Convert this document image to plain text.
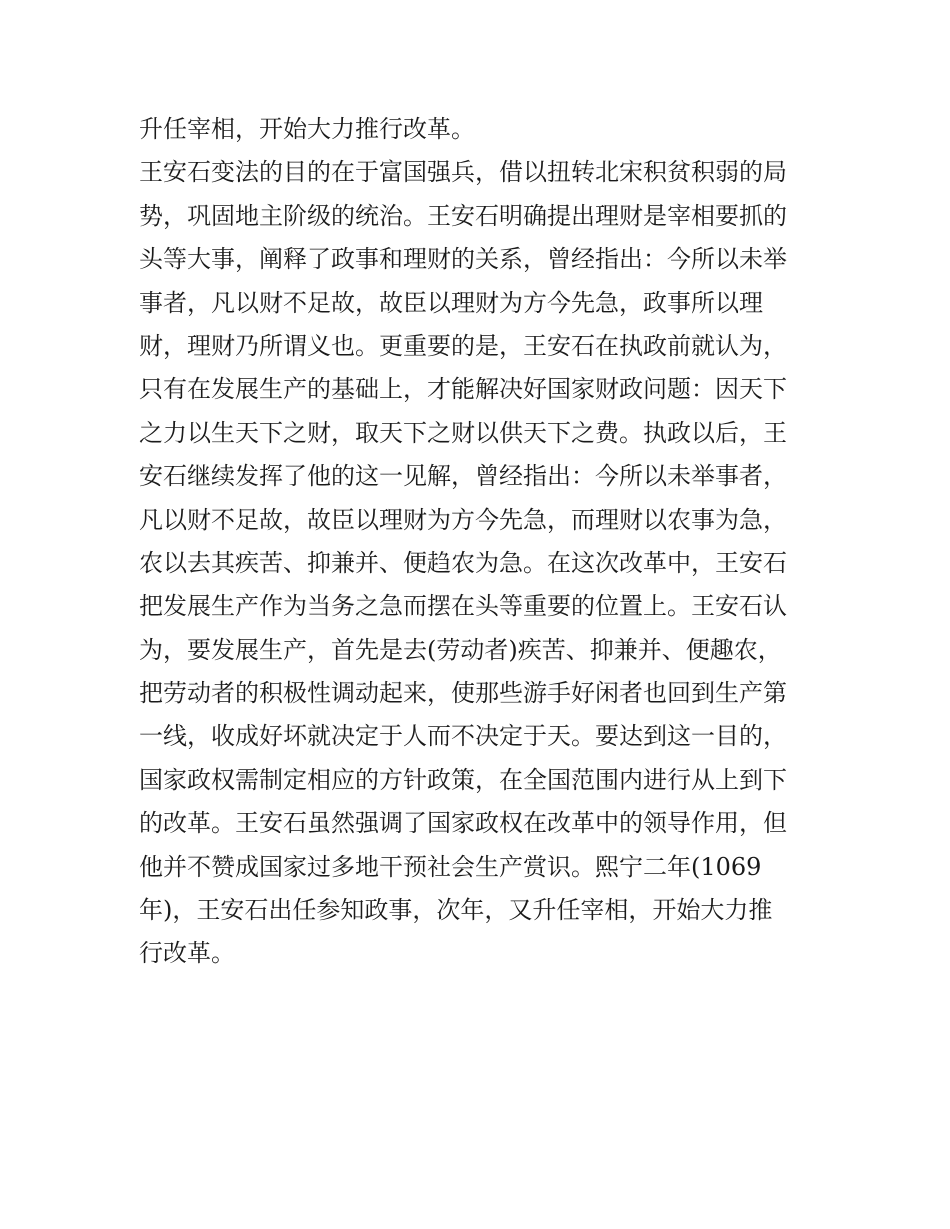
升任宰相，开始大力推行改革。
王安石变法的目的在于富国强兵，借以扭转北宋积贫积弱的局
势，巩固地主阶级的统治。王安石明确提出理财是宰相要抓的
头等大事，阐释了政事和理财的关系，曾经指出：今所以未举
事者，凡以财不足故，故臣以理财为方今先急，政事所以理
财，理财乃所谓义也。更重要的是，王安石在执政前就认为，
只有在发展生产的基础上，才能解决好国家财政问题：因天下
之力以生天下之财，取天下之财以供天下之费。执政以后，王
安石继续发挥了他的这一见解，曾经指出：今所以未举事者，
凡以财不足故，故臣以理财为方今先急，而理财以农事为急，
农以去其疾苦、抑兼并、便趋农为急。在这次改革中，王安石
把发展生产作为当务之急而摆在头等重要的位置上。王安石认
为，要发展生产，首先是去(劳动者)疾苦、抑兼并、便趣农，
把劳动者的积极性调动起来，使那些游手好闲者也回到生产第
一线，收成好坏就决定于人而不决定于天。要达到这一目的，
国家政权需制定相应的方针政策，在全国范围内进行从上到下
的改革。王安石虽然强调了国家政权在改革中的领导作用，但
他并不赞成国家过多地干预社会生产赏识。熙宁二年(1069
年)，王安石出任参知政事，次年，又升任宰相，开始大力推
行改革。
